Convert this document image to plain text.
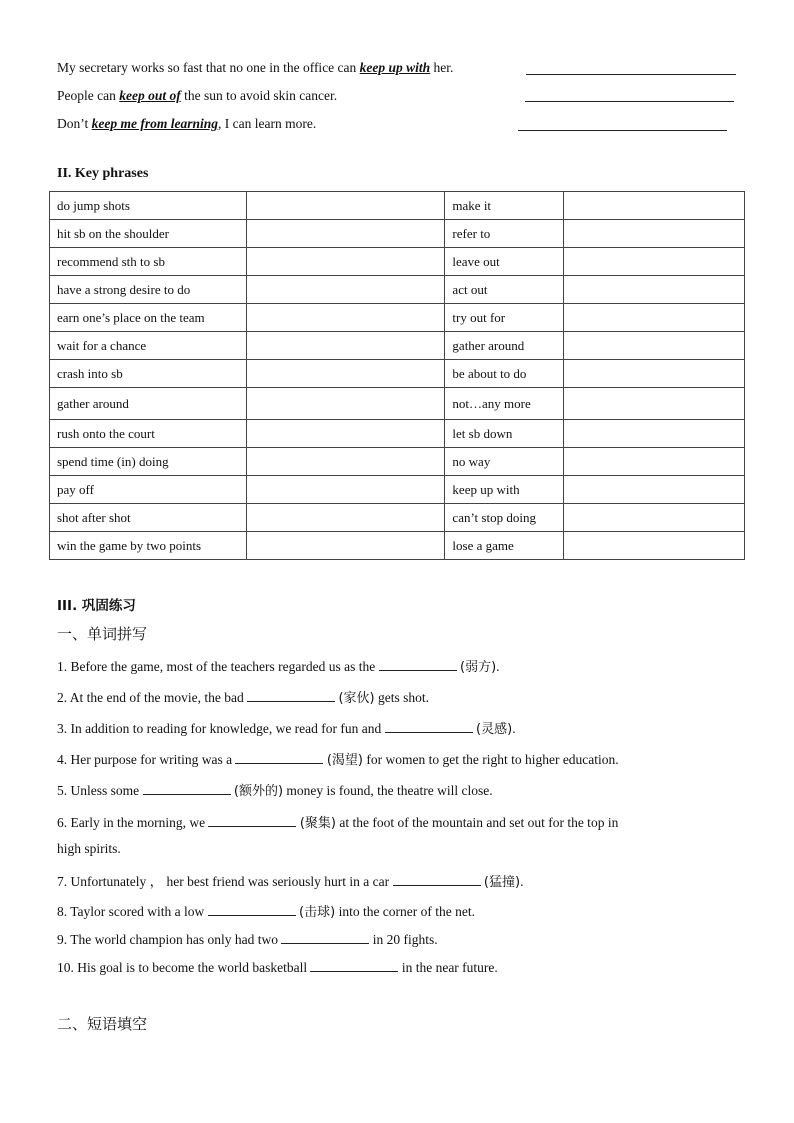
My secretary works so fast that no one in the office can keep up with her.
People can keep out of the sun to avoid skin cancer.
Don’t keep me from learning, I can learn more.
II. Key phrases
do jump shots		make it	
hit sb on the shoulder		refer to	
recommend sth to sb		leave out	
have a strong desire to do		act out	
earn one’s place on the team		try out for	
wait for a chance		gather around	
crash into sb		be about to do	
gather around		not…any more	
rush onto the court		let sb down	
spend time (in) doing		no way	
pay off		keep up with	
shot after shot		can’t stop doing	
win the game by two points		lose a game	
III. 巩固练习
一、单词拼写
1. Before the game, most of the teachers regarded us as the	(弱方).
2. At the end of the movie, the bad	(家伙) gets shot.
3. In addition to reading for knowledge, we read for fun and	(灵感).
4. Her purpose for writing was a	(渴望) for women to get the right to higher education.
5. Unless some	(额外的) money is found, the theatre will close.
6. Early in the morning, we	(聚集) at the foot of the mountain and set out for the top in
high spirits.
7. Unfortunately ， her best friend was seriously hurt in a car	(猛撞).
8. Taylor scored with a low	(击球) into the corner of the net.
9. The world champion has only had two	in 20 fights.
10. His goal is to become the world basketball	in the near future.
二、短语填空
